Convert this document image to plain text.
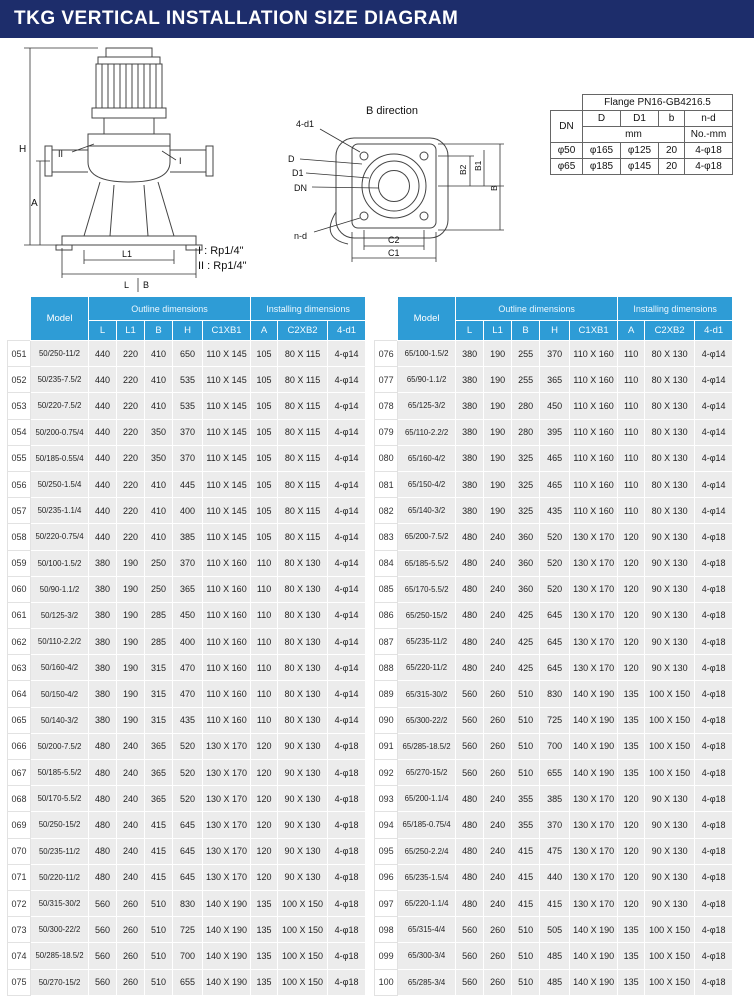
TKG VERTICAL INSTALLATION SIZE DIAGRAM
H
A
L1
L B
II
I
B direction
4-d1
D
D1
DN
n-d
B2 B1
B
C2
C1
I : Rp1/4"
II : Rp1/4"
	Flange PN16-GB4216.5			
DN	D	D1	b	n-d
	mm			No.-mm
φ50	φ165	φ125	20	4-φ18
φ65	φ185	φ145	20	4-φ18
	Model	Outline dimensions					Installing dimensions		
		L	L1	B	H	C1XB1	A	C2XB2	4-d1
051	50/250-11/2	440	220	410	650	110 X 145	105	80 X 115	4-φ14
052	50/235-7.5/2	440	220	410	535	110 X 145	105	80 X 115	4-φ14
053	50/220-7.5/2	440	220	410	535	110 X 145	105	80 X 115	4-φ14
054	50/200-0.75/4	440	220	350	370	110 X 145	105	80 X 115	4-φ14
055	50/185-0.55/4	440	220	350	370	110 X 145	105	80 X 115	4-φ14
056	50/250-1.5/4	440	220	410	445	110 X 145	105	80 X 115	4-φ14
057	50/235-1.1/4	440	220	410	400	110 X 145	105	80 X 115	4-φ14
058	50/220-0.75/4	440	220	410	385	110 X 145	105	80 X 115	4-φ14
059	50/100-1.5/2	380	190	250	370	110 X 160	110	80 X 130	4-φ14
060	50/90-1.1/2	380	190	250	365	110 X 160	110	80 X 130	4-φ14
061	50/125-3/2	380	190	285	450	110 X 160	110	80 X 130	4-φ14
062	50/110-2.2/2	380	190	285	400	110 X 160	110	80 X 130	4-φ14
063	50/160-4/2	380	190	315	470	110 X 160	110	80 X 130	4-φ14
064	50/150-4/2	380	190	315	470	110 X 160	110	80 X 130	4-φ14
065	50/140-3/2	380	190	315	435	110 X 160	110	80 X 130	4-φ14
066	50/200-7.5/2	480	240	365	520	130 X 170	120	90 X 130	4-φ18
067	50/185-5.5/2	480	240	365	520	130 X 170	120	90 X 130	4-φ18
068	50/170-5.5/2	480	240	365	520	130 X 170	120	90 X 130	4-φ18
069	50/250-15/2	480	240	415	645	130 X 170	120	90 X 130	4-φ18
070	50/235-11/2	480	240	415	645	130 X 170	120	90 X 130	4-φ18
071	50/220-11/2	480	240	415	645	130 X 170	120	90 X 130	4-φ18
072	50/315-30/2	560	260	510	830	140 X 190	135	100 X 150	4-φ18
073	50/300-22/2	560	260	510	725	140 X 190	135	100 X 150	4-φ18
074	50/285-18.5/2	560	260	510	700	140 X 190	135	100 X 150	4-φ18
075	50/270-15/2	560	260	510	655	140 X 190	135	100 X 150	4-φ18
	Model	Outline dimensions					Installing dimensions		
		L	L1	B	H	C1XB1	A	C2XB2	4-d1
076	65/100-1.5/2	380	190	255	370	110 X 160	110	80 X 130	4-φ14
077	65/90-1.1/2	380	190	255	365	110 X 160	110	80 X 130	4-φ14
078	65/125-3/2	380	190	280	450	110 X 160	110	80 X 130	4-φ14
079	65/110-2.2/2	380	190	280	395	110 X 160	110	80 X 130	4-φ14
080	65/160-4/2	380	190	325	465	110 X 160	110	80 X 130	4-φ14
081	65/150-4/2	380	190	325	465	110 X 160	110	80 X 130	4-φ14
082	65/140-3/2	380	190	325	435	110 X 160	110	80 X 130	4-φ14
083	65/200-7.5/2	480	240	360	520	130 X 170	120	90 X 130	4-φ18
084	65/185-5.5/2	480	240	360	520	130 X 170	120	90 X 130	4-φ18
085	65/170-5.5/2	480	240	360	520	130 X 170	120	90 X 130	4-φ18
086	65/250-15/2	480	240	425	645	130 X 170	120	90 X 130	4-φ18
087	65/235-11/2	480	240	425	645	130 X 170	120	90 X 130	4-φ18
088	65/220-11/2	480	240	425	645	130 X 170	120	90 X 130	4-φ18
089	65/315-30/2	560	260	510	830	140 X 190	135	100 X 150	4-φ18
090	65/300-22/2	560	260	510	725	140 X 190	135	100 X 150	4-φ18
091	65/285-18.5/2	560	260	510	700	140 X 190	135	100 X 150	4-φ18
092	65/270-15/2	560	260	510	655	140 X 190	135	100 X 150	4-φ18
093	65/200-1.1/4	480	240	355	385	130 X 170	120	90 X 130	4-φ18
094	65/185-0.75/4	480	240	355	370	130 X 170	120	90 X 130	4-φ18
095	65/250-2.2/4	480	240	415	475	130 X 170	120	90 X 130	4-φ18
096	65/235-1.5/4	480	240	415	440	130 X 170	120	90 X 130	4-φ18
097	65/220-1.1/4	480	240	415	415	130 X 170	120	90 X 130	4-φ18
098	65/315-4/4	560	260	510	505	140 X 190	135	100 X 150	4-φ18
099	65/300-3/4	560	260	510	485	140 X 190	135	100 X 150	4-φ18
100	65/285-3/4	560	260	510	485	140 X 190	135	100 X 150	4-φ18
